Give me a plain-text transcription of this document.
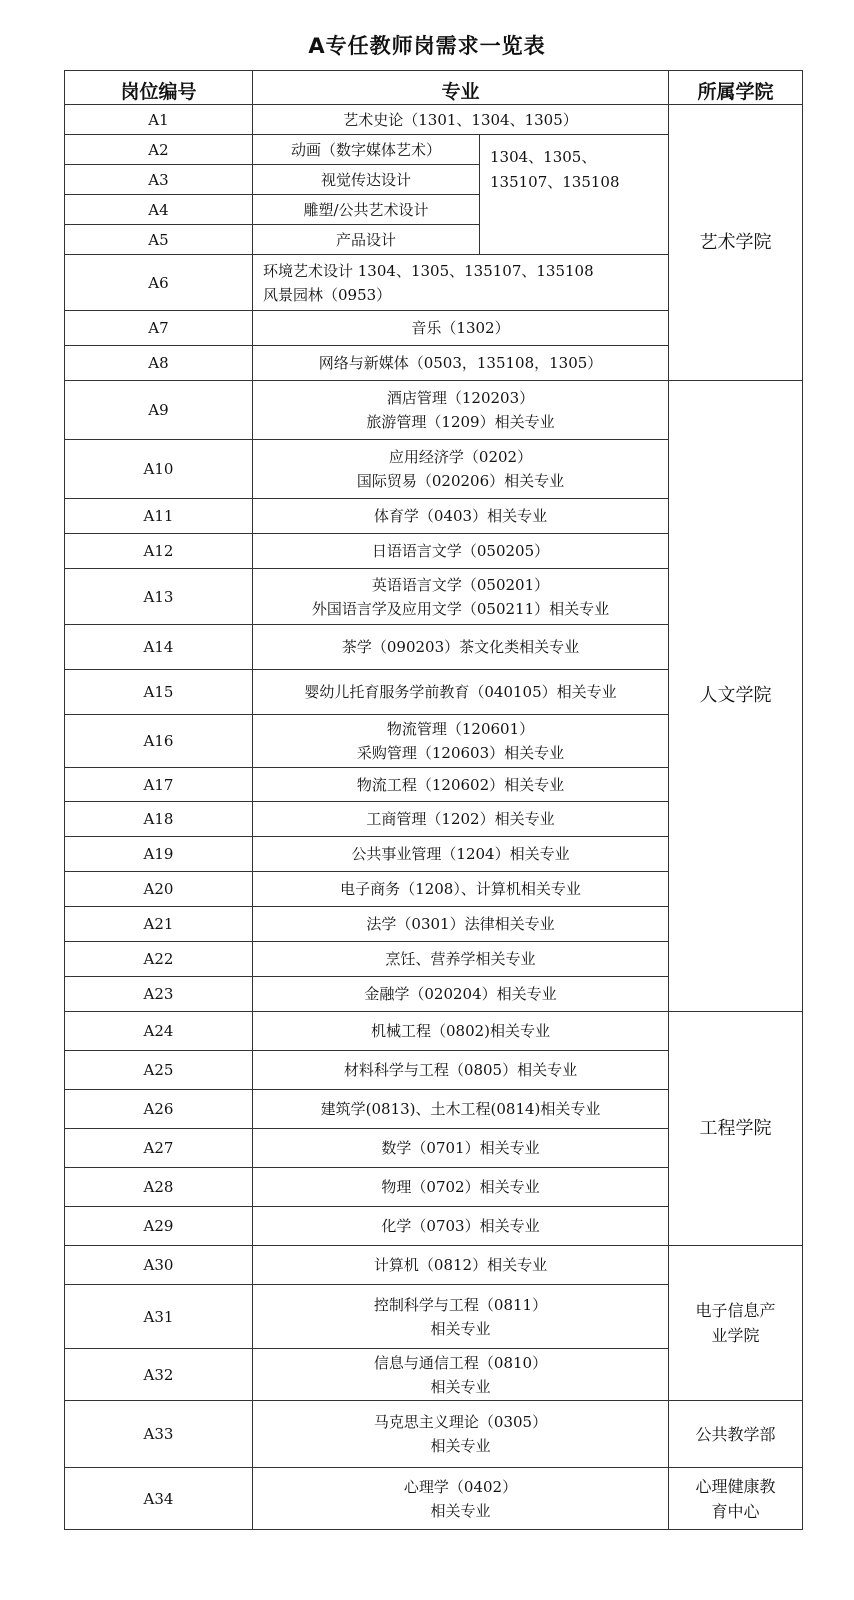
A专任教师岗需求一览表
岗位编号	专业		所属学院
A1	艺术史论（1301、1304、1305）		艺术学院

A2	动画（数字媒体艺术）	1304、1305、
135107、135108	

A3	视觉传达设计		

A4	雕塑/公共艺术设计		

A5	产品设计		

A6	环境艺术设计 1304、1305、135107、135108
风景园林（0953）		

A7	音乐（1302）		

A8	网络与新媒体（0503，135108，1305）		

A9	酒店管理（120203）
旅游管理（1209）相关专业		人文学院

A10	应用经济学（0202）
国际贸易（020206）相关专业		

A11	体育学（0403）相关专业		

A12	日语语言文学（050205）		

A13	英语语言文学（050201）
外国语言学及应用文学（050211）相关专业		

A14	茶学（090203）茶文化类相关专业		

A15	婴幼儿托育服务学前教育（040105）相关专业		

A16	物流管理（120601）
采购管理（120603）相关专业		

A17	物流工程（120602）相关专业		

A18	工商管理（1202）相关专业		

A19	公共事业管理（1204）相关专业		

A20	电子商务（1208）、计算机相关专业		

A21	法学（0301）法律相关专业		

A22	烹饪、营养学相关专业		

A23	金融学（020204）相关专业		

A24	机械工程（0802)相关专业		工程学院

A25	材料科学与工程（0805）相关专业		

A26	建筑学(0813)、土木工程(0814)相关专业		

A27	数学（0701）相关专业		

A28	物理（0702）相关专业		

A29	化学（0703）相关专业		

A30	计算机（0812）相关专业		电子信息产
业学院

A31	控制科学与工程（0811）
相关专业		

A32	信息与通信工程（0810）
相关专业		

A33	马克思主义理论（0305）
相关专业		公共教学部

A34	心理学（0402）
相关专业		心理健康教
育中心
